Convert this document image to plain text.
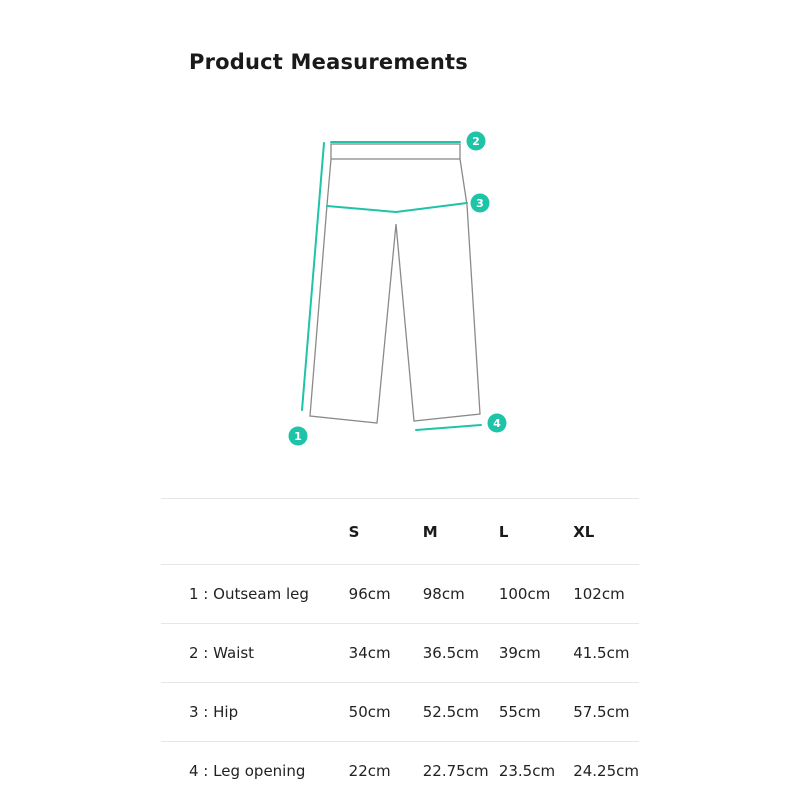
Product Measurements
1
2
3
4
	S	M	L	XL
1 : Outseam leg	96cm	98cm	100cm	102cm
2 : Waist	34cm	36.5cm	39cm	41.5cm
3 : Hip	50cm	52.5cm	55cm	57.5cm
4 : Leg opening	22cm	22.75cm	23.5cm	24.25cm
